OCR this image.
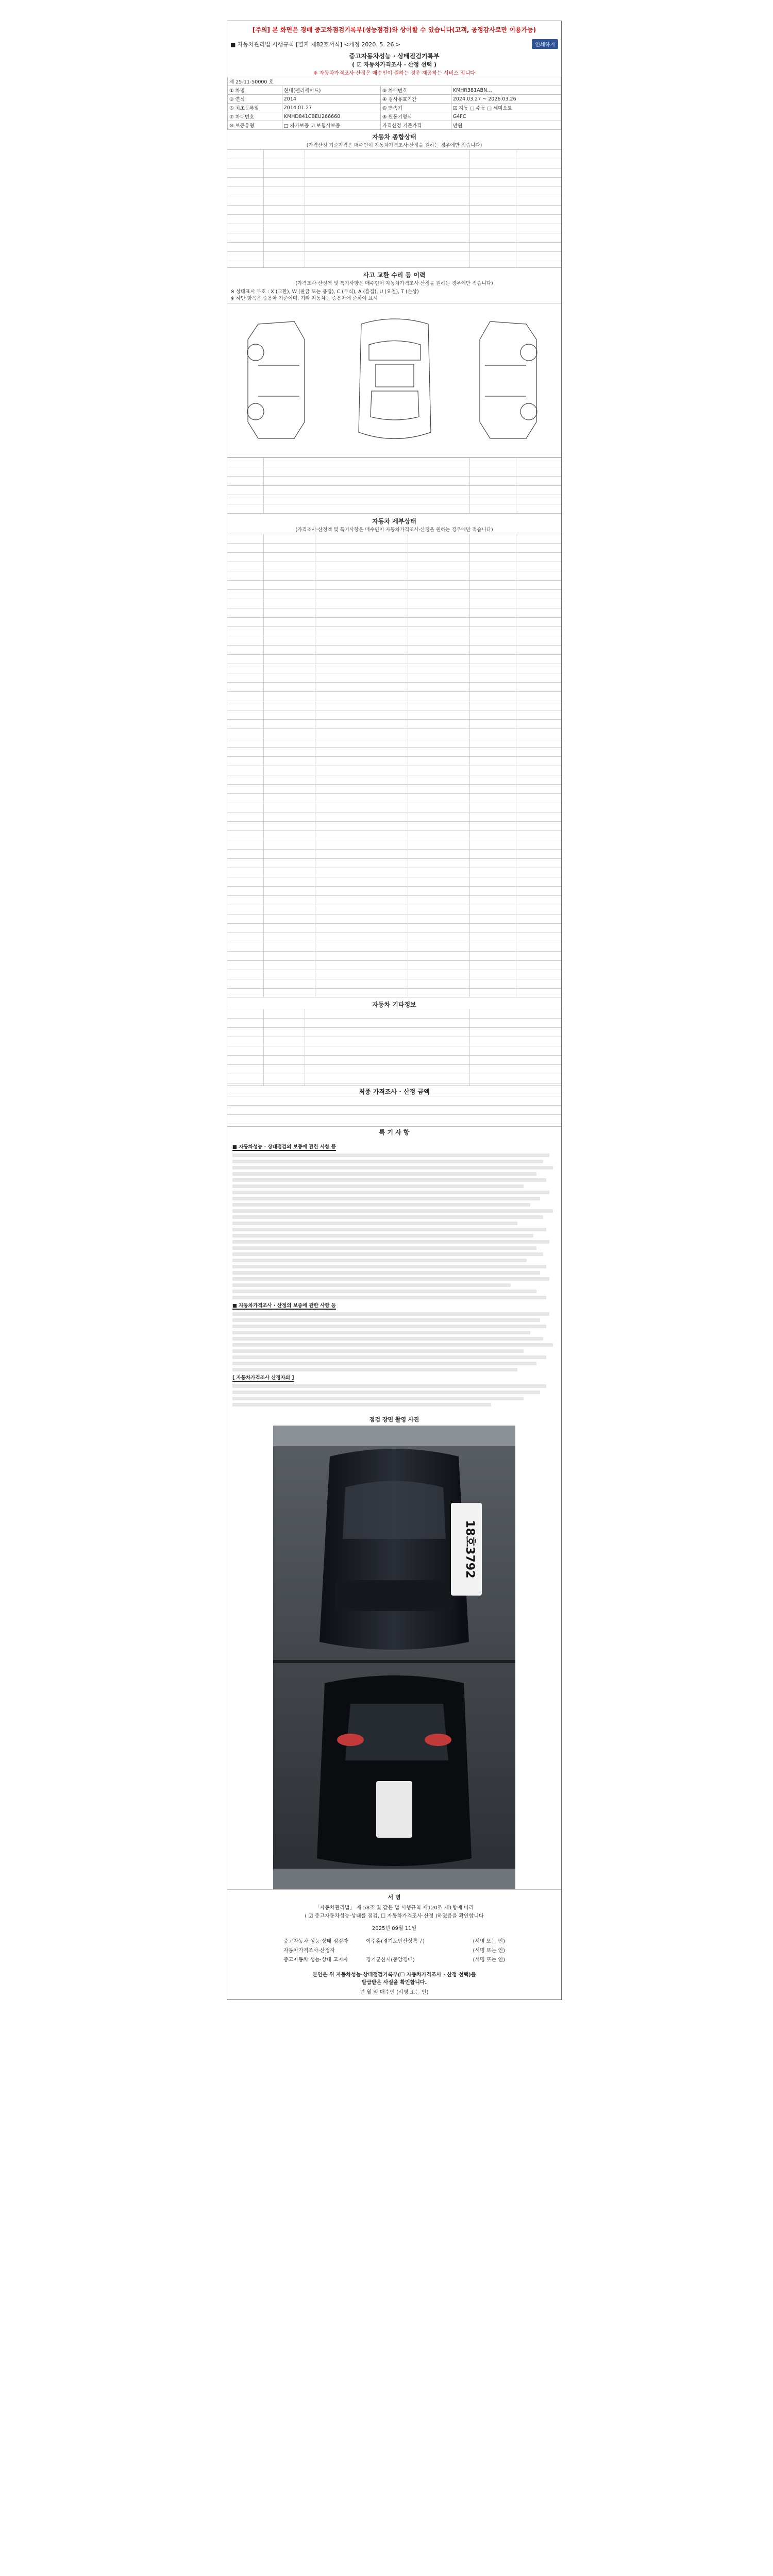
[주의] 본 화면은 경매 중고차점검기록부(성능점검)와 상이할 수 있습니다(고객, 공정감사로만 이용가능)
■ 자동차관리법 시행규칙 [별지 제82호서식] <개정 2020. 5. 26.>	인쇄하기
중고자동차성능 · 상태점검기록부
( ☑ 자동차가격조사 · 산정 선택 )
※ 자동차가격조사·산정은 매수인이 원하는 경우 제공하는 서비스 입니다			

제 25-11-50000 호			
① 차명	현대(펠리세이드)	⑨ 차대번호	KMHR381ABN…
③ 연식	2014	④ 검사유효기간	2024.03.27 ~ 2026.03.26
⑤ 최초등록일	2014.01.27	⑥ 변속기	☑ 자동 □ 수동 □ 세미오토
⑦ 차대번호	KMHD841CBEU266660	⑧ 원동기형식	G4FC
⑩ 보증유형	□ 자가보증 ☑ 보험사보증	가격산정 기준가격	만원
자동차 종합상태
(가격산정 기준가격은 매수인이 자동차가격조사·산정을 원하는 경우에만 적습니다)
사고 교환 수리 등 이력
(가격조사·산정액 및 특기사항은 매수인이 자동차가격조사·산정을 원하는 경우에만 적습니다)
※ 상태표시 부호 : X (교환), W (판금 또는 용접), C (부식), A (흠집), U (요철), T (손상)
※ 하단 항목은 승용차 기준이며, 기타 자동차는 승용차에 준하여 표시
자동차 세부상태
(가격조사·산정액 및 특기사항은 매수인이 자동차가격조사·산정을 원하는 경우에만 적습니다)
자동차 기타정보
최종 가격조사 · 산정 금액
특 기 사 항
■ 자동차성능 · 상태점검의 보증에 관한 사항 등
■ 자동차가격조사 · 산정의 보증에 관한 사항 등
[ 자동차가격조사 산정자의 ]
점검 장면 촬영 사진
18호3792
서 명
「자동차관리법」 제 58조 및 같은 법 시행규칙 제120조 제1항에 따라
( ☑ 중고자동차성능·상태를 점검, ☐ 자동차가격조사·산정 )하였음을 확인합니다
2025년 09월 11일
중고자동차 성능·상태 점검자	이주훈(경기도안산상록구)	(서명 또는 인)
자동차가격조사·산정자	(서명 또는 인)
중고자동차 성능·상태 고지자	경기군산시(중앙경매)	(서명 또는 인)
본인은 위 자동차성능·상태점검기록부(☐ 자동차가격조사 · 산정 선택)를
발급받은 사실을 확인합니다.
년 월 일 매수인 (서명 또는 인)
